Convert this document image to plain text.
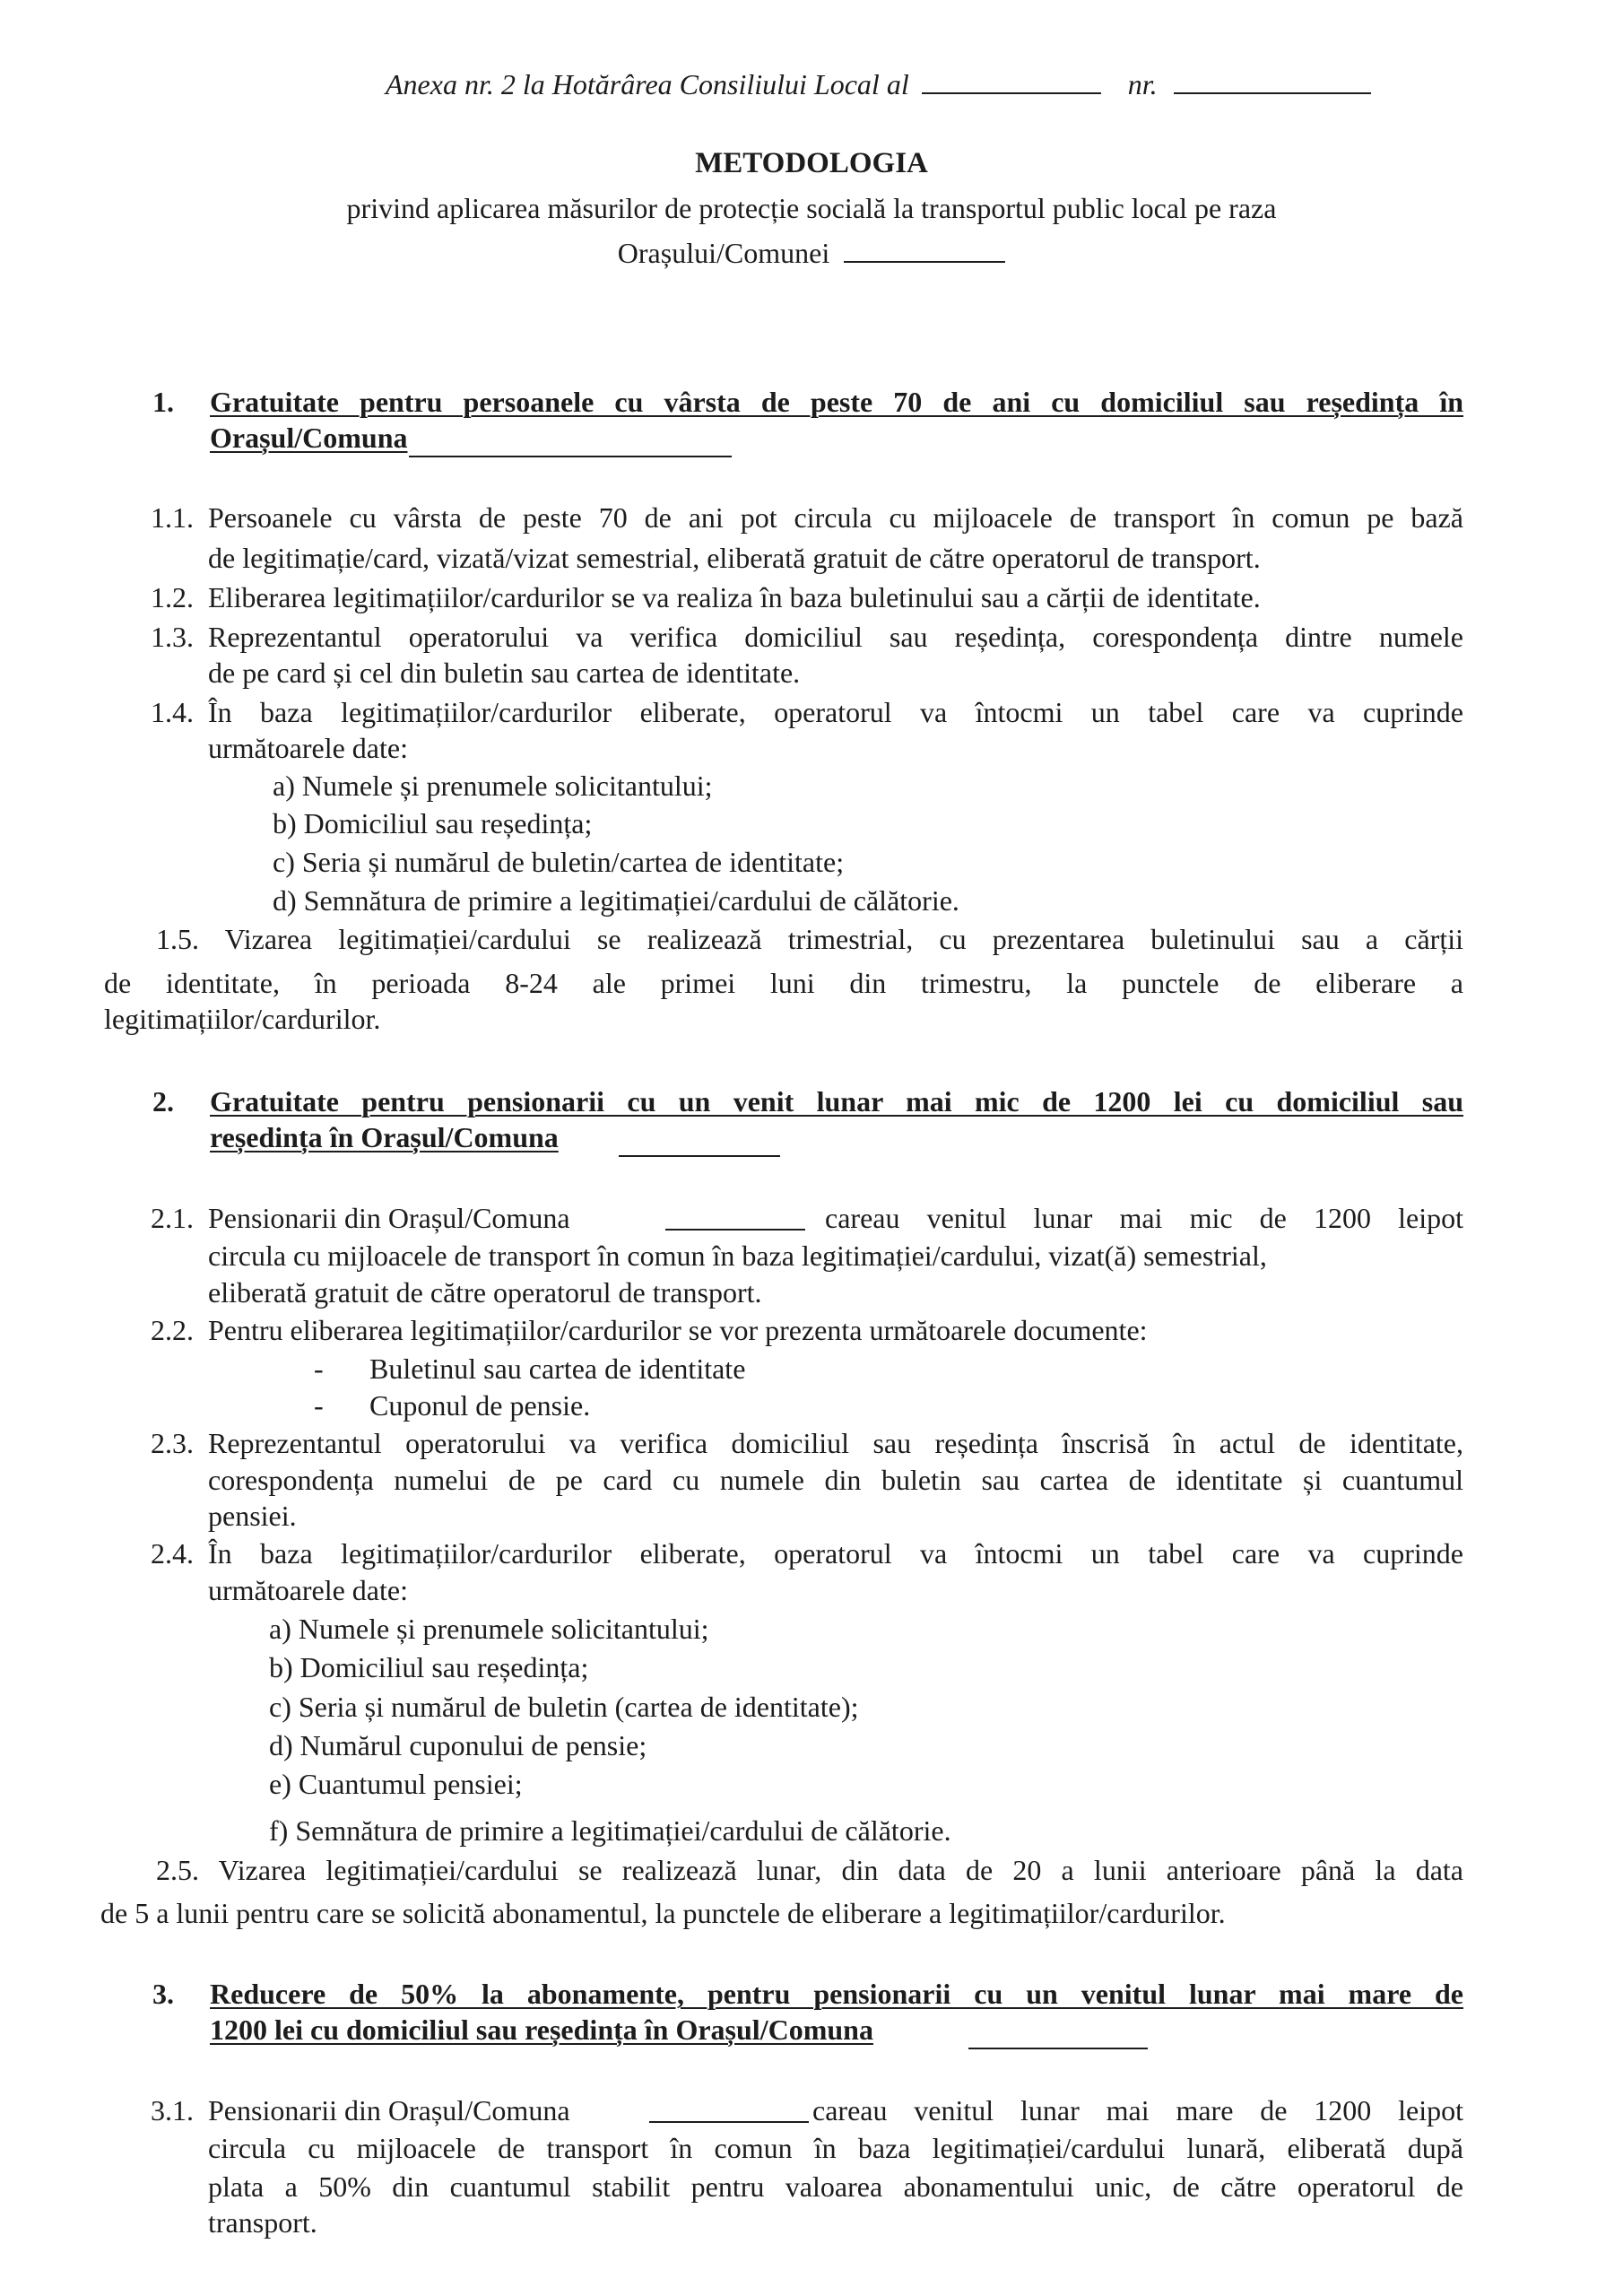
Anexa nr. 2 la Hotărârea Consiliului Local al	nr.
METODOLOGIA
privind aplicarea măsurilor de protecție socială la transportul public local pe raza
Orașului/Comunei
1. Gratuitate pentru persoanele cu vârsta de peste 70 de ani cu domiciliul sau reședința în
Orașul/Comuna
1.1. Persoanele cu vârsta de peste 70 de ani pot circula cu mijloacele de transport în comun pe bază
de legitimație/card, vizată/vizat semestrial, eliberată gratuit de către operatorul de transport.
1.2. Eliberarea legitimațiilor/cardurilor se va realiza în baza buletinului sau a cărții de identitate.
1.3. Reprezentantul operatorului va verifica domiciliul sau reședința, corespondența dintre numele
de pe card și cel din buletin sau cartea de identitate.
1.4. În baza legitimațiilor/cardurilor eliberate, operatorul va întocmi un tabel care va cuprinde
următoarele date:
a) Numele și prenumele solicitantului;
b) Domiciliul sau reședința;
c) Seria și numărul de buletin/cartea de identitate;
d) Semnătura de primire a legitimației/cardului de călătorie.
1.5. Vizarea legitimației/cardului se realizează trimestrial, cu prezentarea buletinului sau a cărții
de identitate, în perioada 8-24 ale primei luni din trimestru, la punctele de eliberare a
legitimațiilor/cardurilor.
2. Gratuitate pentru pensionarii cu un venit lunar mai mic de 1200 lei cu domiciliul sau
reședința în Orașul/Comuna
2.1. Pensionarii din Orașul/Comuna	careau venitul lunar mai mic de 1200 leipot
circula cu mijloacele de transport în comun în baza legitimației/cardului, vizat(ă) semestrial,
eliberată gratuit de către operatorul de transport.
2.2. Pentru eliberarea legitimațiilor/cardurilor se vor prezenta următoarele documente:
- Buletinul sau cartea de identitate
- Cuponul de pensie.
2.3. Reprezentantul operatorului va verifica domiciliul sau reședința înscrisă în actul de identitate,
corespondența numelui de pe card cu numele din buletin sau cartea de identitate și cuantumul
pensiei.
2.4. În baza legitimațiilor/cardurilor eliberate, operatorul va întocmi un tabel care va cuprinde
următoarele date:
a) Numele și prenumele solicitantului;
b) Domiciliul sau reședința;
c) Seria și numărul de buletin (cartea de identitate);
d) Numărul cuponului de pensie;
e) Cuantumul pensiei;
f) Semnătura de primire a legitimației/cardului de călătorie.
2.5. Vizarea legitimației/cardului se realizează lunar, din data de 20 a lunii anterioare până la data
de 5 a lunii pentru care se solicită abonamentul, la punctele de eliberare a legitimațiilor/cardurilor.
3. Reducere de 50% la abonamente, pentru pensionarii cu un venitul lunar mai mare de
1200 lei cu domiciliul sau reședința în Orașul/Comuna
3.1. Pensionarii din Orașul/Comuna	careau venitul lunar mai mare de 1200 leipot
circula cu mijloacele de transport în comun în baza legitimației/cardului lunară, eliberată după
plata a 50% din cuantumul stabilit pentru valoarea abonamentului unic, de către operatorul de
transport.
